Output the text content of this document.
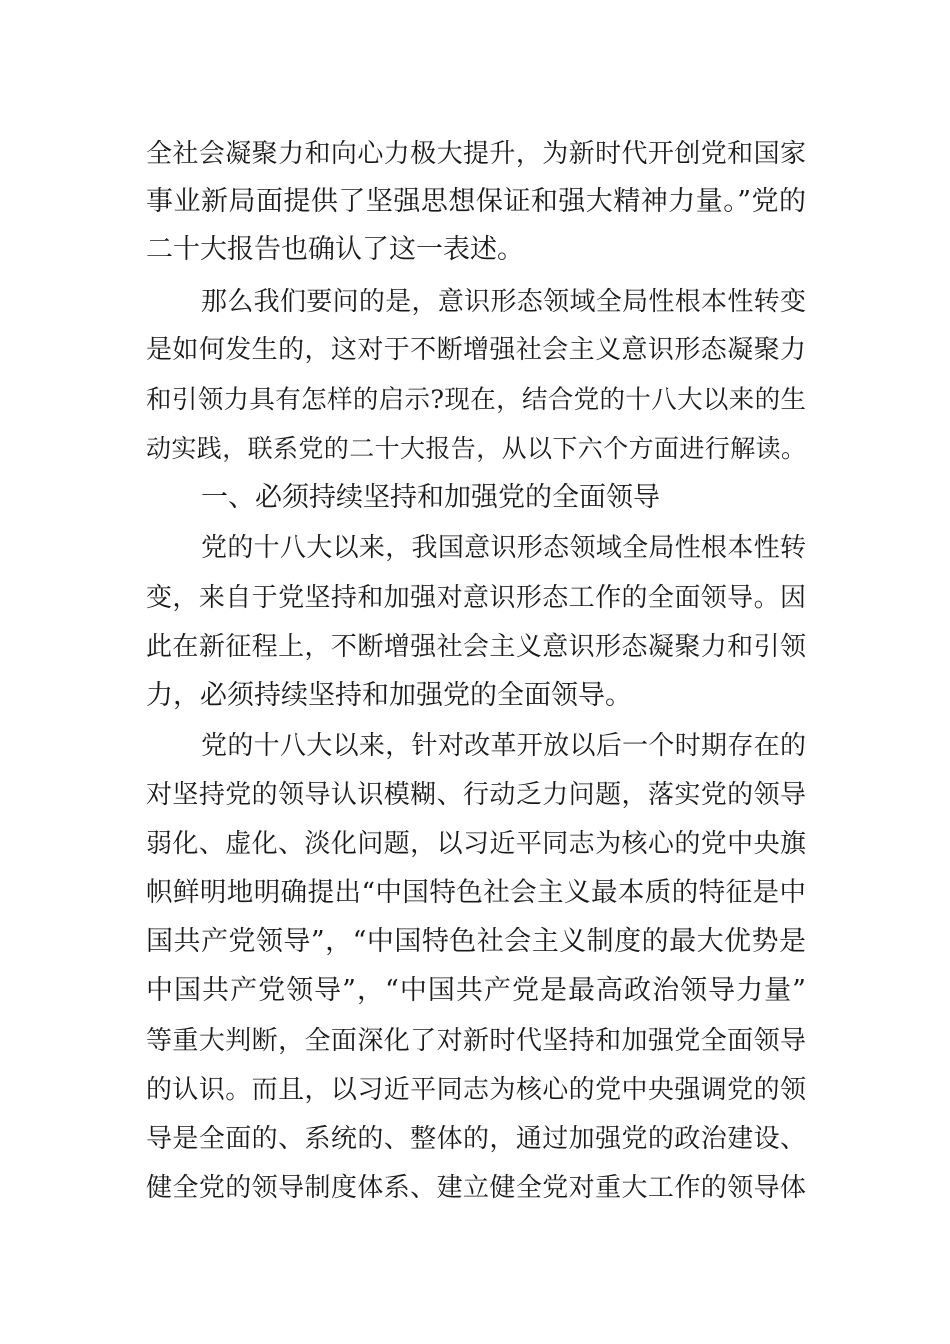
全社会凝聚力和向心力极大提升，为新时代开创党和国家
事业新局面提供了坚强思想保证和强大精神力量。”党的
二十大报告也确认了这一表述。
那么我们要问的是，意识形态领域全局性根本性转变
是如何发生的，这对于不断增强社会主义意识形态凝聚力
和引领力具有怎样的启示?现在，结合党的十八大以来的生
动实践，联系党的二十大报告，从以下六个方面进行解读。
一、必须持续坚持和加强党的全面领导
党的十八大以来，我国意识形态领域全局性根本性转
变，来自于党坚持和加强对意识形态工作的全面领导。因
此在新征程上，不断增强社会主义意识形态凝聚力和引领
力，必须持续坚持和加强党的全面领导。
党的十八大以来，针对改革开放以后一个时期存在的
对坚持党的领导认识模糊、行动乏力问题，落实党的领导
弱化、虚化、淡化问题，以习近平同志为核心的党中央旗
帜鲜明地明确提出“中国特色社会主义最本质的特征是中
国共产党领导”，“中国特色社会主义制度的最大优势是
中国共产党领导”，“中国共产党是最高政治领导力量”
等重大判断，全面深化了对新时代坚持和加强党全面领导
的认识。而且，以习近平同志为核心的党中央强调党的领
导是全面的、系统的、整体的，通过加强党的政治建设、
健全党的领导制度体系、建立健全党对重大工作的领导体
